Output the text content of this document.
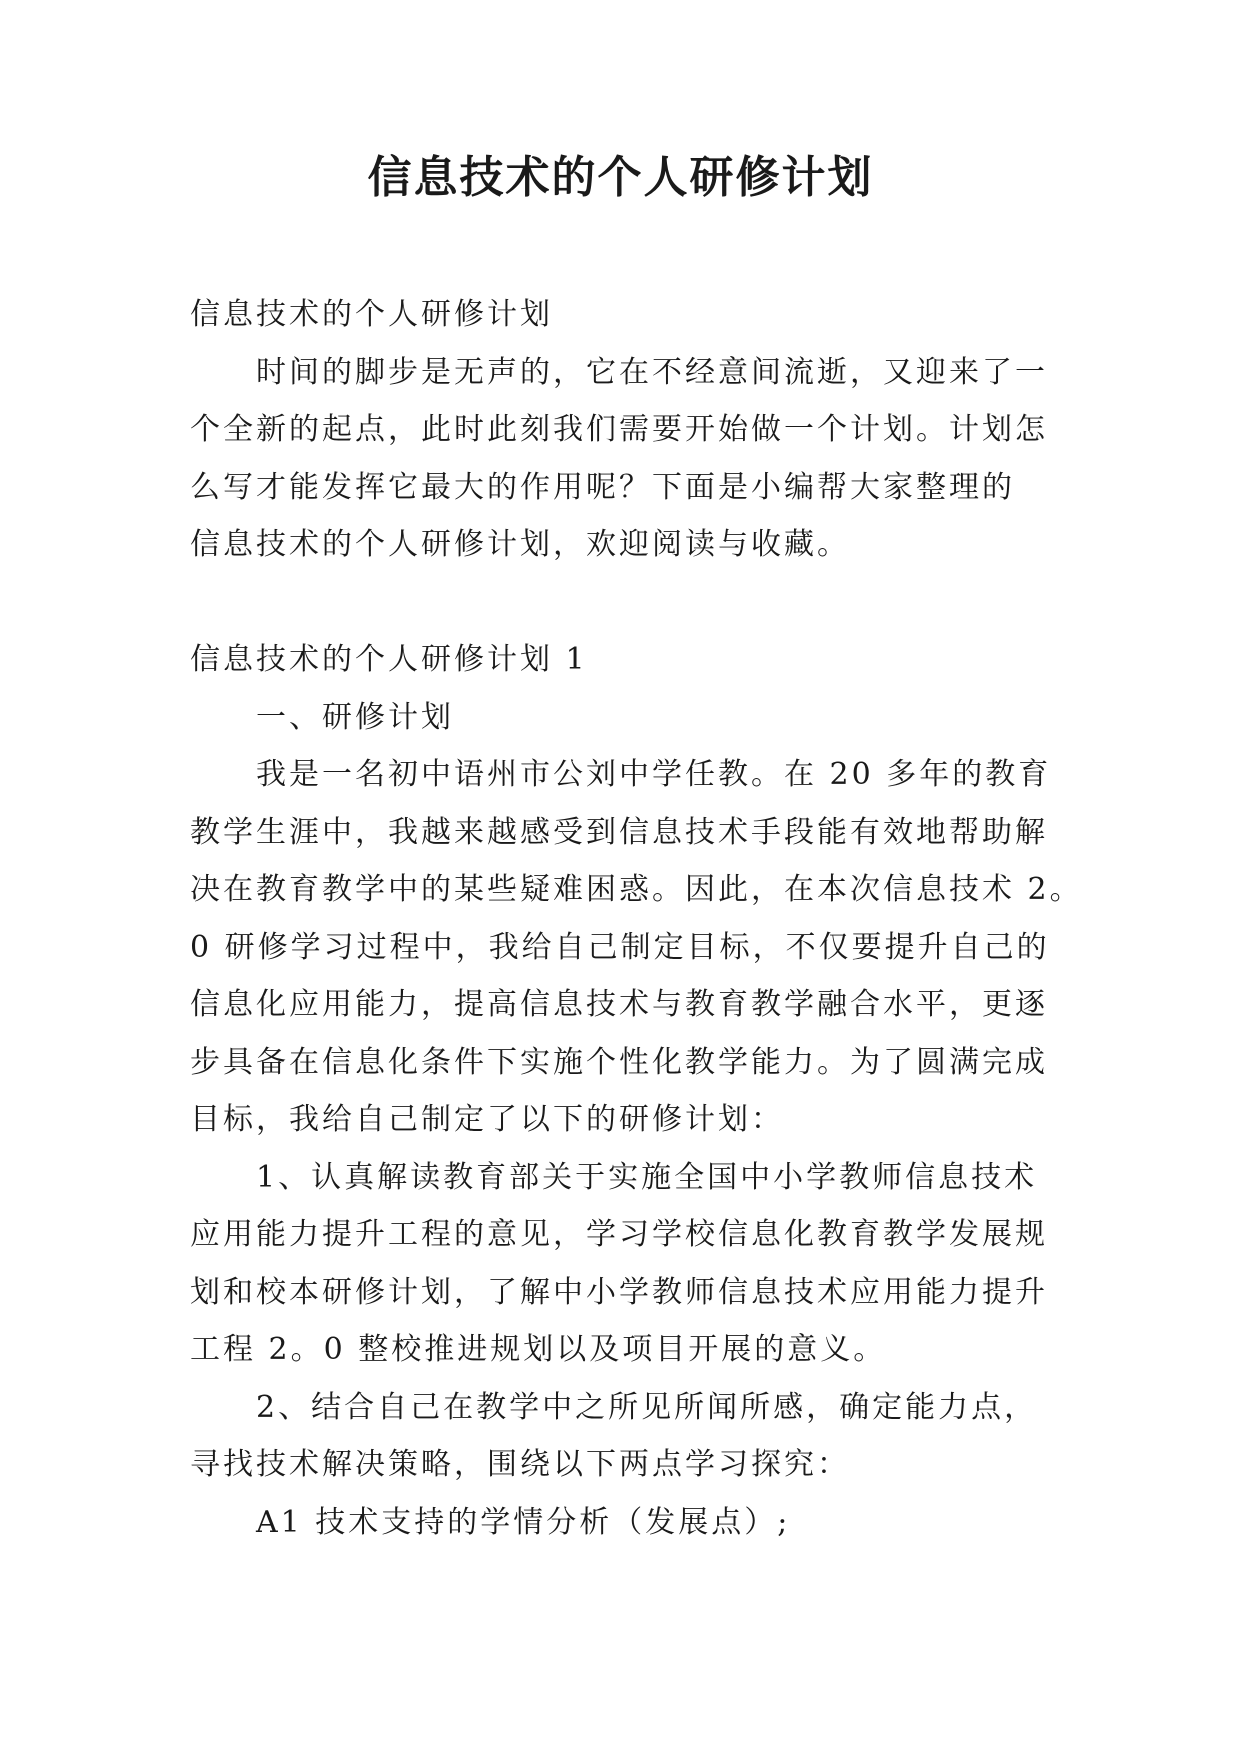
信息技术的个人研修计划
信息技术的个人研修计划
时间的脚步是无声的，它在不经意间流逝，又迎来了一
个全新的起点，此时此刻我们需要开始做一个计划。计划怎
么写才能发挥它最大的作用呢？下面是小编帮大家整理的
信息技术的个人研修计划，欢迎阅读与收藏。
信息技术的个人研修计划 1
一、研修计划
我是一名初中语州市公刘中学任教。在 20 多年的教育
教学生涯中，我越来越感受到信息技术手段能有效地帮助解
决在教育教学中的某些疑难困惑。因此，在本次信息技术 2。
0 研修学习过程中，我给自己制定目标，不仅要提升自己的
信息化应用能力，提高信息技术与教育教学融合水平，更逐
步具备在信息化条件下实施个性化教学能力。为了圆满完成
目标，我给自己制定了以下的研修计划：
1、认真解读教育部关于实施全国中小学教师信息技术
应用能力提升工程的意见，学习学校信息化教育教学发展规
划和校本研修计划，了解中小学教师信息技术应用能力提升
工程 2。0 整校推进规划以及项目开展的意义。
2、结合自己在教学中之所见所闻所感，确定能力点，
寻找技术解决策略，围绕以下两点学习探究：
A1 技术支持的学情分析（发展点）;
